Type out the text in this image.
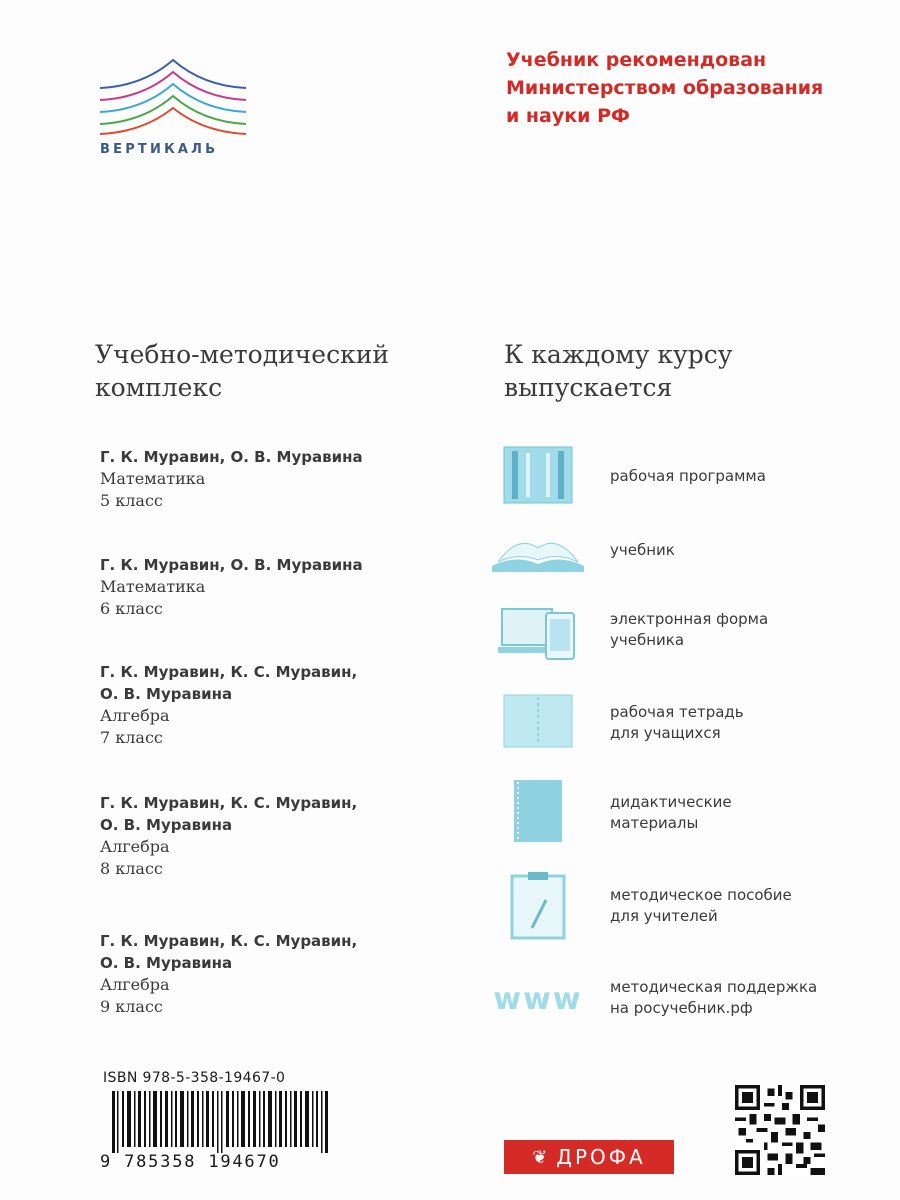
ВЕРТИКАЛЬ
Учебник рекомендован
Министерством образования
и науки РФ
Учебно-методический
комплекс
К каждому курсу
выпускается
Г. К. Муравин, О. В. Муравина
Математика
5 класс
Г. К. Муравин, О. В. Муравина
Математика
6 класс
Г. К. Муравин, К. С. Муравин,
О. В. Муравина
Алгебра
7 класс
Г. К. Муравин, К. С. Муравин,
О. В. Муравина
Алгебра
8 класс
Г. К. Муравин, К. С. Муравин,
О. В. Муравина
Алгебра
9 класс	www
рабочая программа
учебник
электронная форма
учебника
рабочая тетрадь
для учащихся
дидактические
материалы
методическое пособие
для учителей
методическая поддержка
на росучебник.рф
ISBN 978-5-358-19467-0
9 785358 194670	❦ ДРОФА
